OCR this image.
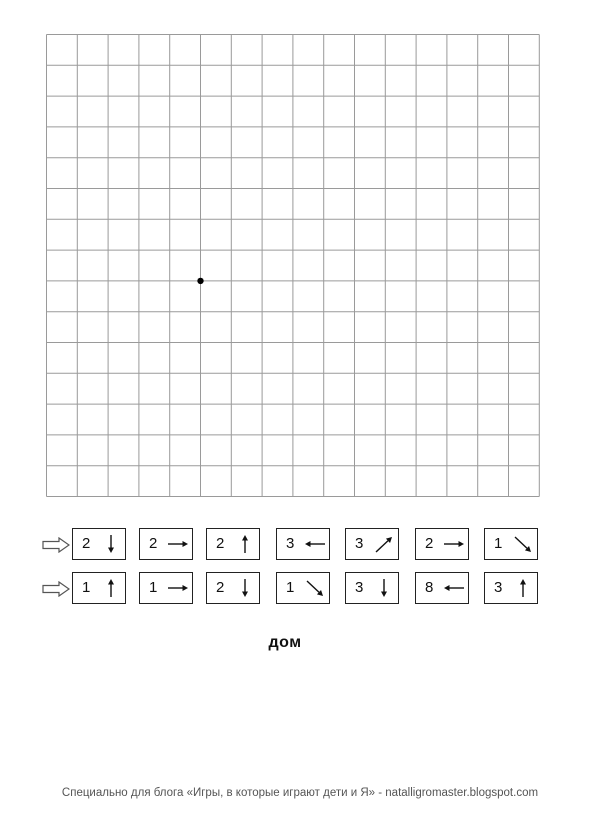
2	2	2	3	3	2	1
1	1	2	1	3	8	3
дом
Специально для блога «Игры, в которые играют дети и Я» - natalligromaster.blogspot.com
